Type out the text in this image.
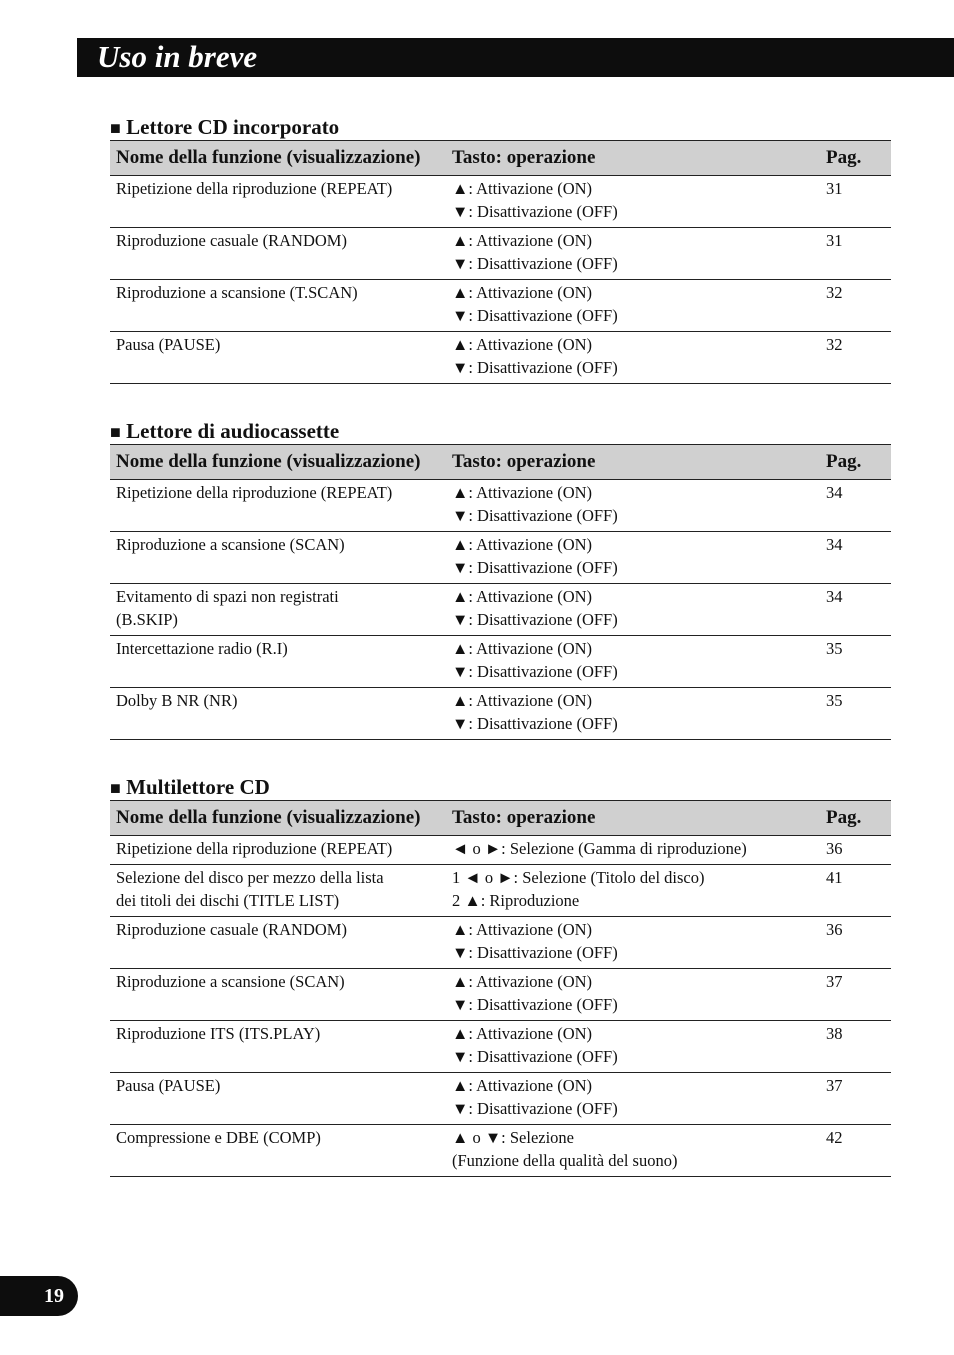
Uso in breve
■ Lettore CD incorporato
Nome della funzione (visualizzazione)	Tasto: operazione	Pag.

Ripetizione della riproduzione (REPEAT)	▲: Attivazione (ON)
▼: Disattivazione (OFF)	31

Riproduzione casuale (RANDOM)	▲: Attivazione (ON)
▼: Disattivazione (OFF)	31

Riproduzione a scansione (T.SCAN)	▲: Attivazione (ON)
▼: Disattivazione (OFF)	32

Pausa (PAUSE)	▲: Attivazione (ON)
▼: Disattivazione (OFF)	32
■ Lettore di audiocassette
Nome della funzione (visualizzazione)	Tasto: operazione	Pag.

Ripetizione della riproduzione (REPEAT)	▲: Attivazione (ON)
▼: Disattivazione (OFF)	34

Riproduzione a scansione (SCAN)	▲: Attivazione (ON)
▼: Disattivazione (OFF)	34

Evitamento di spazi non registrati
(B.SKIP)	▲: Attivazione (ON)
▼: Disattivazione (OFF)	34

Intercettazione radio (R.I)	▲: Attivazione (ON)
▼: Disattivazione (OFF)	35

Dolby B NR (NR)	▲: Attivazione (ON)
▼: Disattivazione (OFF)	35
■ Multilettore CD
Nome della funzione (visualizzazione)	Tasto: operazione	Pag.

Ripetizione della riproduzione (REPEAT)	◄ o ►: Selezione (Gamma di riproduzione)	36

Selezione del disco per mezzo della lista
dei titoli dei dischi (TITLE LIST)	1 ◄ o ►: Selezione (Titolo del disco)
2 ▲: Riproduzione	41

Riproduzione casuale (RANDOM)	▲: Attivazione (ON)
▼: Disattivazione (OFF)	36

Riproduzione a scansione (SCAN)	▲: Attivazione (ON)
▼: Disattivazione (OFF)	37

Riproduzione ITS (ITS.PLAY)	▲: Attivazione (ON)
▼: Disattivazione (OFF)	38

Pausa (PAUSE)	▲: Attivazione (ON)
▼: Disattivazione (OFF)	37

Compressione e DBE (COMP)	▲ o ▼: Selezione
(Funzione della qualità del suono)	42
19
